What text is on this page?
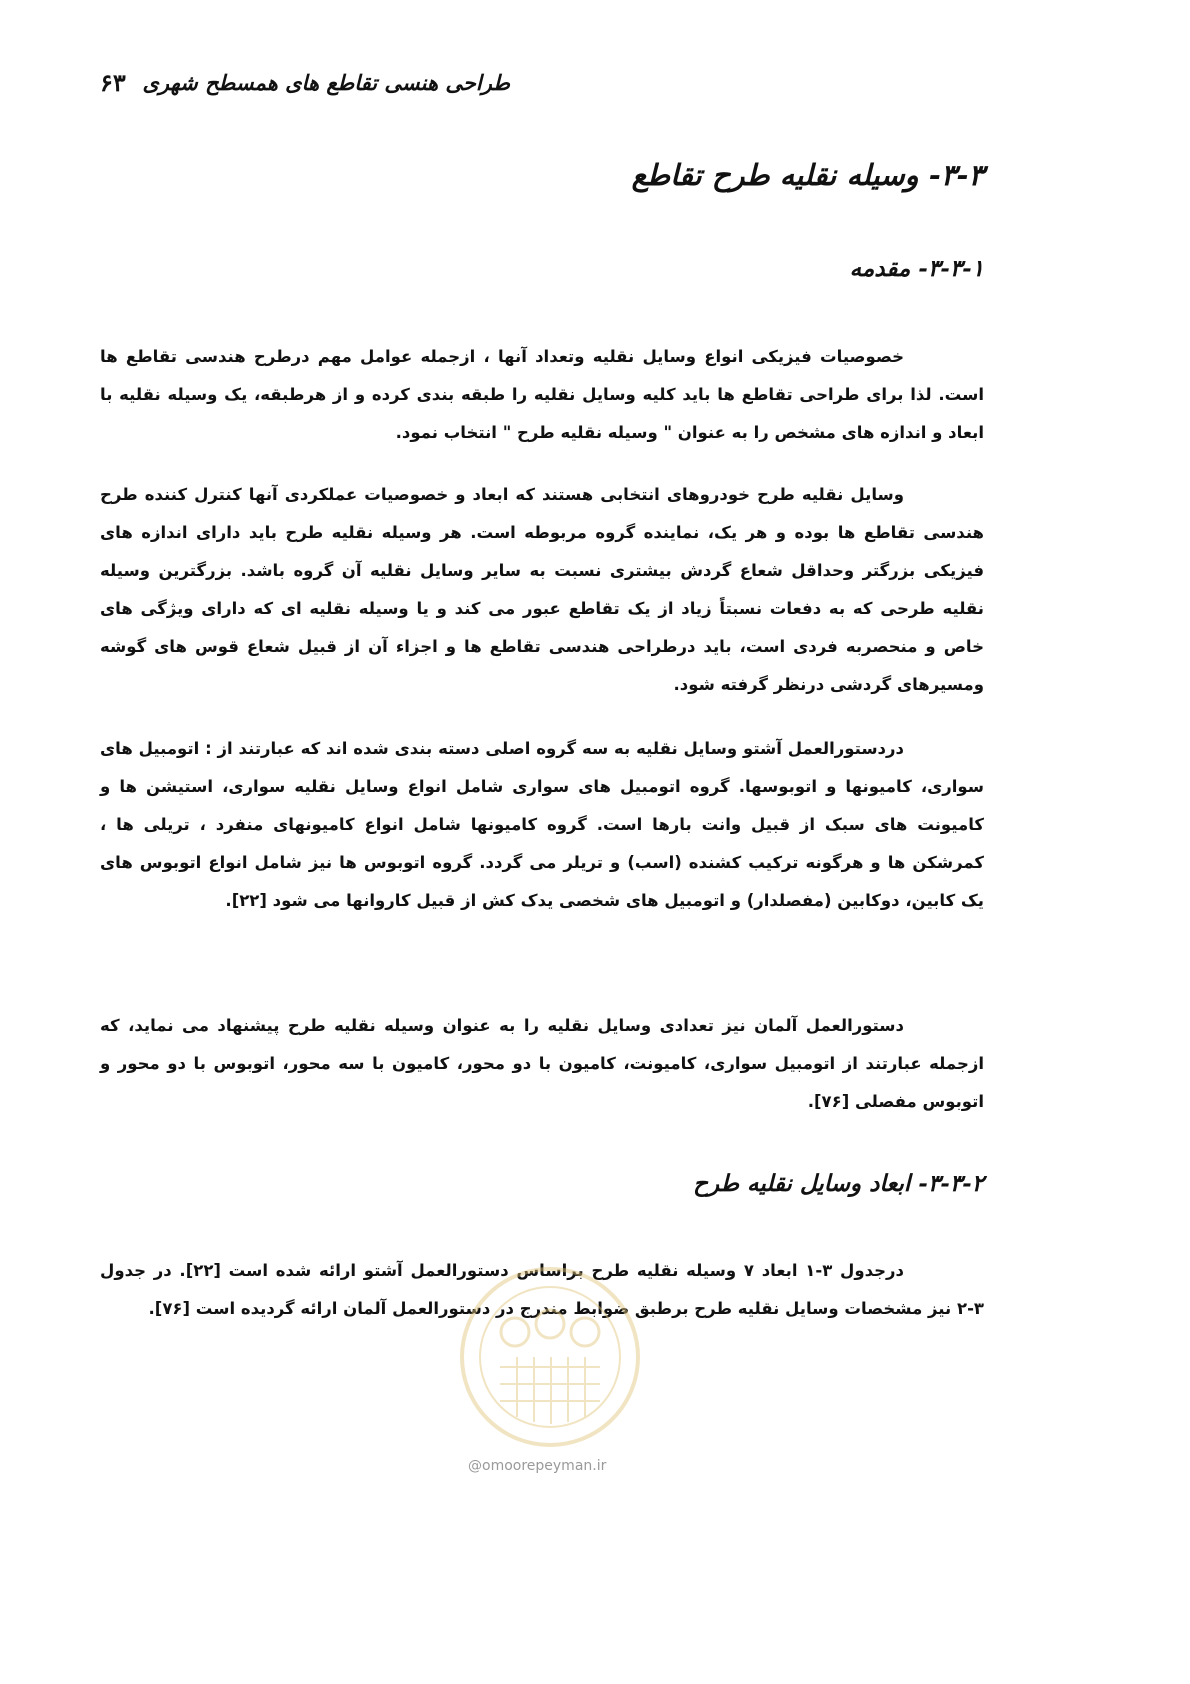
۶۳ طراحی هنسی تقاطع های همسطح شهری
۳-۳- وسیله نقلیه طرح تقاطع
۳-۳-۱- مقدمه

خصوصیات فیزیکی انواع وسایل نقلیه وتعداد آنها ، ازجمله عوامل مهم درطرح هندسی تقاطع ها است. لذا برای طراحی تقاطع ها باید کلیه وسایل نقلیه را طبقه بندی کرده و از هرطبقه، یک وسیله نقلیه با ابعاد و اندازه های مشخص را به عنوان " وسیله نقلیه طرح " انتخاب نمود.

وسایل نقلیه طرح خودروهای انتخابی هستند که ابعاد و خصوصیات عملکردی آنها کنترل کننده طرح هندسی تقاطع ها بوده و هر یک، نماینده گروه مربوطه است. هر وسیله نقلیه طرح باید دارای اندازه های فیزیکی بزرگتر وحداقل شعاع گردش بیشتری نسبت به سایر وسایل نقلیه آن گروه باشد. بزرگترین وسیله نقلیه طرحی که به دفعات نسبتاً زیاد از یک تقاطع عبور می کند و یا وسیله نقلیه ای که دارای ویژگی های خاص و منحصربه فردی است، باید درطراحی هندسی تقاطع ها و اجزاء آن از قبیل شعاع قوس های گوشه ومسیرهای گردشی درنظر گرفته شود.

دردستورالعمل آشتو وسایل نقلیه به سه گروه اصلی دسته بندی شده اند که عبارتند از : اتومبیل های سواری، کامیونها و اتوبوسها. گروه اتومبیل های سواری شامل انواع وسایل نقلیه سواری، استیشن ها و کامیونت های سبک از قبیل وانت بارها است. گروه کامیونها شامل انواع کامیونهای منفرد ، تریلی ها ، کمرشکن ها و هرگونه ترکیب کشنده (اسب) و تریلر می گردد. گروه اتوبوس ها نیز شامل انواع اتوبوس های یک کابین، دوکابین (مفصلدار) و اتومبیل های شخصی یدک کش از قبیل کاروانها می شود [۲۲].

دستورالعمل آلمان نیز تعدادی وسایل نقلیه را به عنوان وسیله نقلیه طرح پیشنهاد می نماید، که ازجمله عبارتند از اتومبیل سواری، کامیونت، کامیون با دو محور، کامیون با سه محور، اتوبوس با دو محور و اتوبوس مفصلی [۷۶].

۳-۳-۲- ابعاد وسایل نقلیه طرح

درجدول ۳-۱ ابعاد ۷ وسیله نقلیه طرح براساس دستورالعمل آشتو ارائه شده است [۲۲]. در جدول ۳-۲ نیز مشخصات وسایل نقلیه طرح برطبق ضوابط مندرج در دستورالعمل آلمان ارائه گردیده است [۷۶].

@omoorepeyman.ir
